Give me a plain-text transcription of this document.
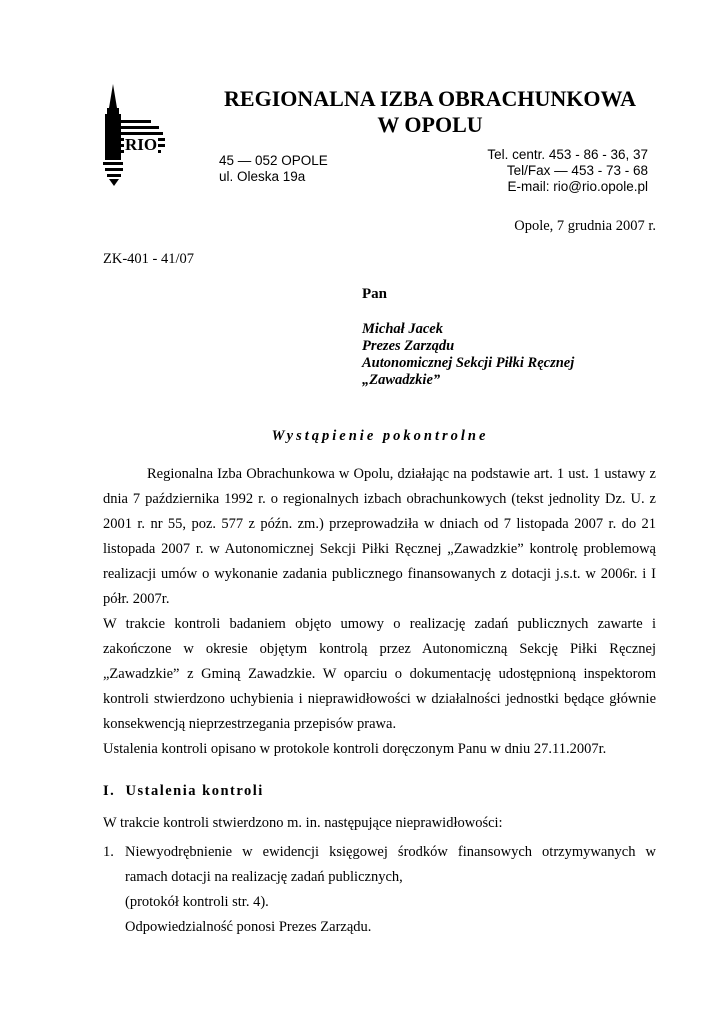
RIO
REGIONALNA IZBA OBRACHUNKOWA
W OPOLU
45 — 052 OPOLE
ul. Oleska 19a
Tel. centr. 453 - 86 - 36, 37
Tel/Fax — 453 - 73 - 68
E-mail: rio@rio.opole.pl
Opole, 7 grudnia 2007 r.
ZK-401 - 41/07
Pan
Michał Jacek
Prezes Zarządu
Autonomicznej Sekcji Piłki Ręcznej
„Zawadzkie”
Wystąpienie pokontrolne

Regionalna Izba Obrachunkowa w Opolu, działając na podstawie art. 1 ust. 1 ustawy z dnia 7 października 1992 r. o regionalnych izbach obrachunkowych (tekst jednolity Dz. U. z 2001 r. nr 55, poz. 577 z późn. zm.) przeprowadziła w dniach od 7 listopada 2007 r. do 21 listopada 2007 r. w Autonomicznej Sekcji Piłki Ręcznej „Zawadzkie” kontrolę problemową realizacji umów o wykonanie zadania publicznego finansowanych z dotacji j.s.t. w 2006r. i I półr. 2007r.

W trakcie kontroli badaniem objęto umowy o realizację zadań publicznych zawarte i zakończone w okresie objętym kontrolą przez Autonomiczną Sekcję Piłki Ręcznej „Zawadzkie” z Gminą Zawadzkie. W oparciu o dokumentację udostępnioną inspektorom kontroli stwierdzono uchybienia i nieprawidłowości w działalności jednostki będące głównie konsekwencją nieprzestrzegania przepisów prawa.

Ustalenia kontroli opisano w protokole kontroli doręczonym Panu w dniu 27.11.2007r.

I.  Ustalenia kontroli
W trakcie kontroli stwierdzono m. in. następujące nieprawidłowości:
1. Niewyodrębnienie w ewidencji księgowej środków finansowych otrzymywanych w ramach dotacji na realizację zadań publicznych,
(protokół kontroli str. 4).
Odpowiedzialność ponosi Prezes Zarządu.
